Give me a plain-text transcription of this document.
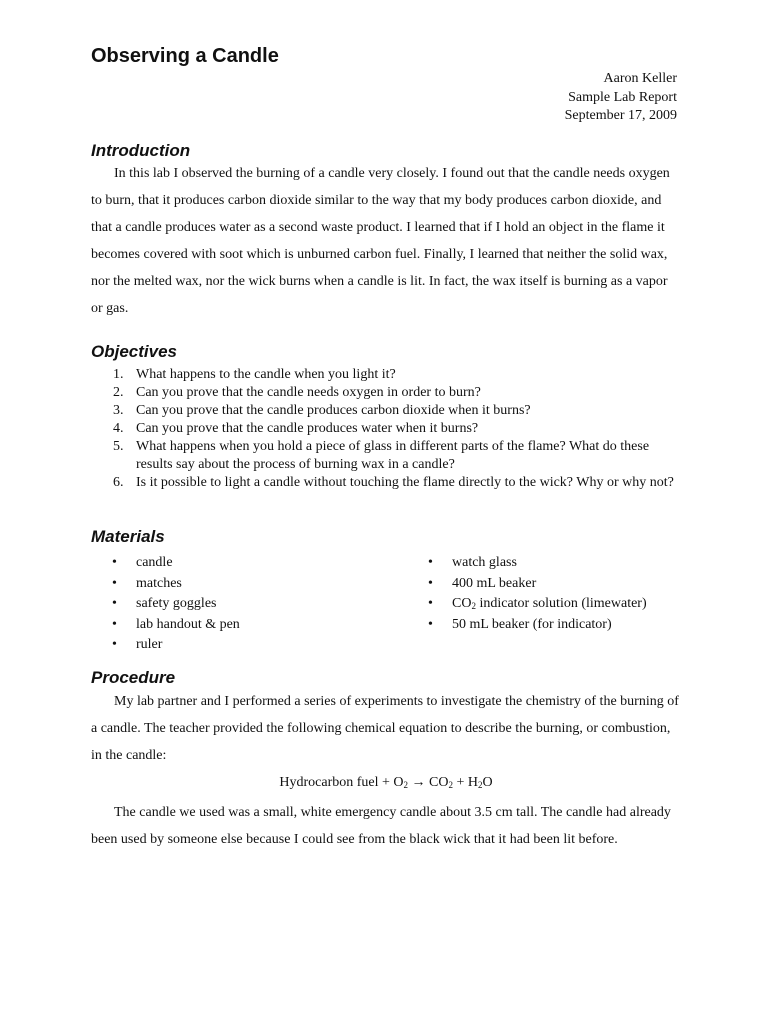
Observing a Candle
Aaron Keller
Sample Lab Report
September 17, 2009
Introduction

In this lab I observed the burning of a candle very closely. I found out that the candle needs oxygen to burn, that it produces carbon dioxide similar to the way that my body produces carbon dioxide, and that a candle produces water as a second waste product. I learned that if I hold an object in the flame it becomes covered with soot which is unburned carbon fuel. Finally, I learned that neither the solid wax, nor the melted wax, nor the wick burns when a candle is lit. In fact, the wax itself is burning as a vapor or gas.

Objectives
1. What happens to the candle when you light it?
2. Can you prove that the candle needs oxygen in order to burn?
3. Can you prove that the candle produces carbon dioxide when it burns?
4. Can you prove that the candle produces water when it burns?
5. What happens when you hold a piece of glass in different parts of the flame? What do these results say about the process of burning wax in a candle?
6. Is it possible to light a candle without touching the flame directly to the wick? Why or why not?
Materials
• candle
• matches
• safety goggles
• lab handout & pen
• ruler
• watch glass
• 400 mL beaker
• $CO_2$ indicator solution (limewater)
• 50 mL beaker (for indicator)
Procedure

My lab partner and I performed a series of experiments to investigate the chemistry of the burning of a candle. The teacher provided the following chemical equation to describe the burning, or combustion, in the candle:

Hydrocarbon fuel + $O_2 \to CO_2 + H_2O$

The candle we used was a small, white emergency candle about 3.5 cm tall. The candle had already been used by someone else because I could see from the black wick that it had been lit before.
